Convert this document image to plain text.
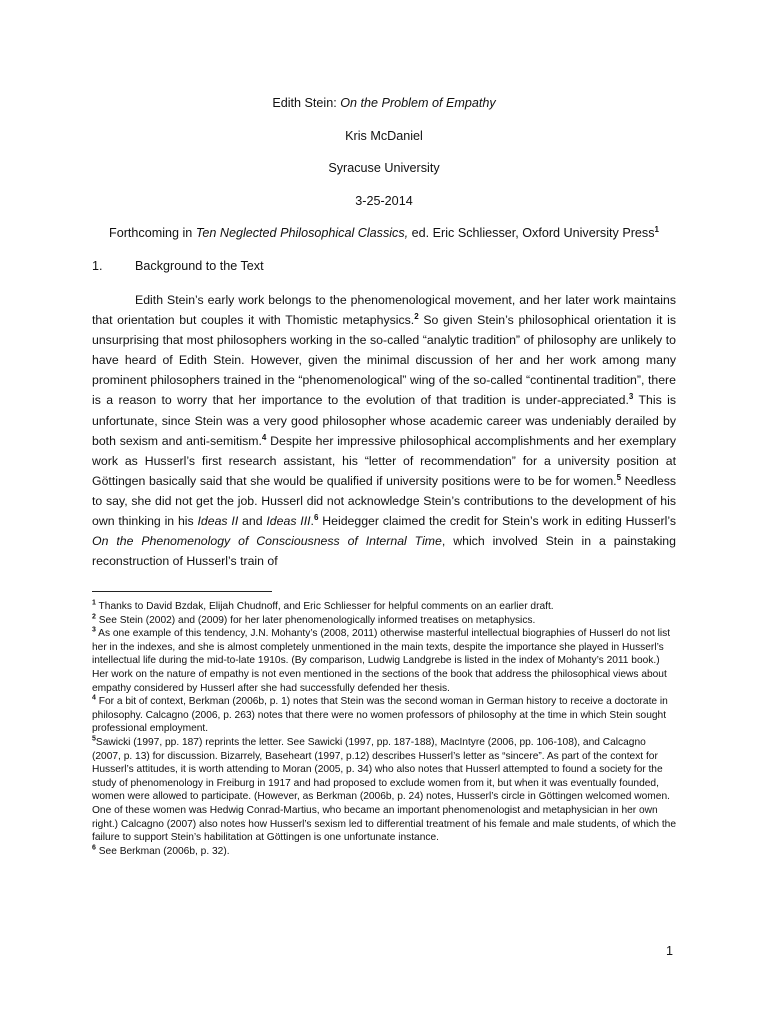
Edith Stein: On the Problem of Empathy
Kris McDaniel
Syracuse University
3-25-2014
Forthcoming in Ten Neglected Philosophical Classics, ed. Eric Schliesser, Oxford University Press$^1$
1.	Background to the Text

Edith Stein’s early work belongs to the phenomenological movement, and her later work maintains that orientation but couples it with Thomistic metaphysics.$^2$ So given Stein’s philosophical orientation it is unsurprising that most philosophers working in the so-called “analytic tradition” of philosophy are unlikely to have heard of Edith Stein. However, given the minimal discussion of her and her work among many prominent philosophers trained in the “phenomenological” wing of the so-called “continental tradition”, there is a reason to worry that her importance to the evolution of that tradition is under-appreciated.$^3$ This is unfortunate, since Stein was a very good philosopher whose academic career was undeniably derailed by both sexism and anti-semitism.$^4$ Despite her impressive philosophical accomplishments and her exemplary work as Husserl’s first research assistant, his “letter of recommendation” for a university position at Göttingen basically said that she would be qualified if university positions were to be for women.$^5$ Needless to say, she did not get the job. Husserl did not acknowledge Stein’s contributions to the development of his own thinking in his Ideas II and Ideas III.$^6$ Heidegger claimed the credit for Stein’s work in editing Husserl’s On the Phenomenology of Consciousness of Internal Time, which involved Stein in a painstaking reconstruction of Husserl’s train of

$^1$ Thanks to David Bzdak, Elijah Chudnoff, and Eric Schliesser for helpful comments on an earlier draft.

$^2$ See Stein (2002) and (2009) for her later phenomenologically informed treatises on metaphysics.

$^3$ As one example of this tendency, J.N. Mohanty’s (2008, 2011) otherwise masterful intellectual biographies of Husserl do not list her in the indexes, and she is almost completely unmentioned in the main texts, despite the importance she played in Husserl’s intellectual life during the mid-to-late 1910s. (By comparison, Ludwig Landgrebe is listed in the index of Mohanty’s 2011 book.) Her work on the nature of empathy is not even mentioned in the sections of the book that address the philosophical views about empathy considered by Husserl after she had successfully defended her thesis.

$^4$ For a bit of context, Berkman (2006b, p. 1) notes that Stein was the second woman in German history to receive a doctorate in philosophy. Calcagno (2006, p. 263) notes that there were no women professors of philosophy at the time in which Stein sought professional employment.

$^5$Sawicki (1997, pp. 187) reprints the letter. See Sawicki (1997, pp. 187-188), MacIntyre (2006, pp. 106-108), and Calcagno (2007, p. 13) for discussion. Bizarrely, Baseheart (1997, p.12) describes Husserl’s letter as “sincere”. As part of the context for Husserl’s attitudes, it is worth attending to Moran (2005, p. 34) who also notes that Husserl attempted to found a society for the study of phenomenology in Freiburg in 1917 and had proposed to exclude women from it, but when it was eventually founded, women were allowed to participate. (However, as Berkman (2006b, p. 24) notes, Husserl’s circle in Göttingen welcomed women. One of these women was Hedwig Conrad-Martius, who became an important phenomenologist and metaphysician in her own right.) Calcagno (2007) also notes how Husserl’s sexism led to differential treatment of his female and male students, of which the failure to support Stein’s habilitation at Göttingen is one unfortunate instance.

$^6$ See Berkman (2006b, p. 32).

1
